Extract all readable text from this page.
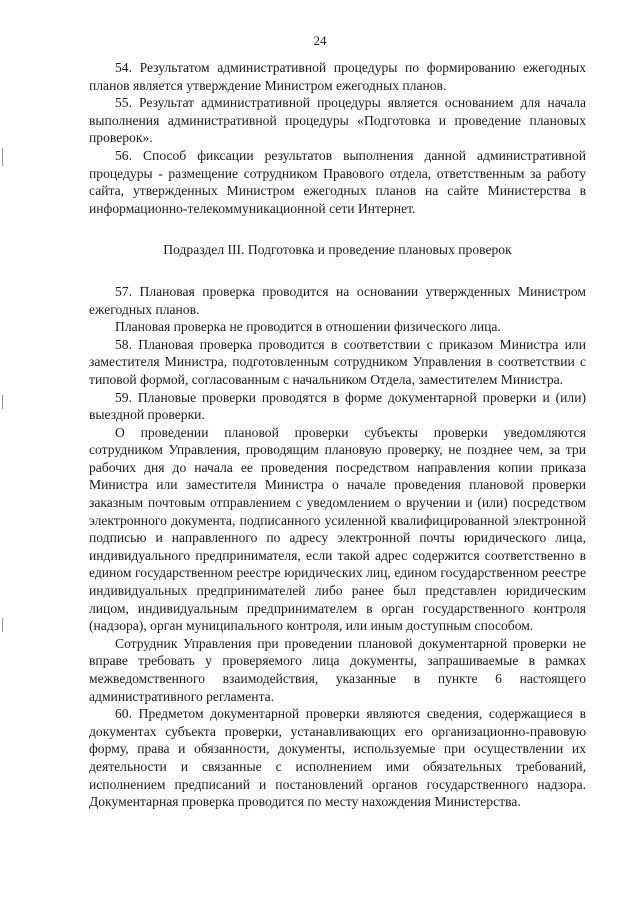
24

54. Результатом административной процедуры по формированию ежегодных планов является утверждение Министром ежегодных планов.

55. Результат административной процедуры является основанием для начала выполнения административной процедуры «Подготовка и проведение плановых проверок».

56. Способ фиксации результатов выполнения данной административной процедуры - размещение сотрудником Правового отдела, ответственным за работу сайта, утвержденных Министром ежегодных планов на сайте Министерства в информационно-телекоммуникационной сети Интернет.

Подраздел III. Подготовка и проведение плановых проверок

57. Плановая проверка проводится на основании утвержденных Министром ежегодных планов.

Плановая проверка не проводится в отношении физического лица.

58. Плановая проверка проводится в соответствии с приказом Министра или заместителя Министра, подготовленным сотрудником Управления в соответствии с типовой формой, согласованным с начальником Отдела, заместителем Министра.

59. Плановые проверки проводятся в форме документарной проверки и (или) выездной проверки.

О проведении плановой проверки субъекты проверки уведомляются сотрудником Управления, проводящим плановую проверку, не позднее чем, за три рабочих дня до начала ее проведения посредством направления копии приказа Министра или заместителя Министра о начале проведения плановой проверки заказным почтовым отправлением с уведомлением о вручении и (или) посредством электронного документа, подписанного усиленной квалифицированной электронной подписью и направленного по адресу электронной почты юридического лица, индивидуального предпринимателя, если такой адрес содержится соответственно в едином государственном реестре юридических лиц, едином государственном реестре индивидуальных предпринимателей либо ранее был представлен юридическим лицом, индивидуальным предпринимателем в орган государственного контроля (надзора), орган муниципального контроля, или иным доступным способом.

Сотрудник Управления при проведении плановой документарной проверки не вправе требовать у проверяемого лица документы, запрашиваемые в рамках межведомственного взаимодействия, указанные в пункте 6 настоящего административного регламента.

60. Предметом документарной проверки являются сведения, содержащиеся в документах субъекта проверки, устанавливающих его организационно-правовую форму, права и обязанности, документы, используемые при осуществлении их деятельности и связанные с исполнением ими обязательных требований, исполнением предписаний и постановлений органов государственного надзора. Документарная проверка проводится по месту нахождения Министерства.
